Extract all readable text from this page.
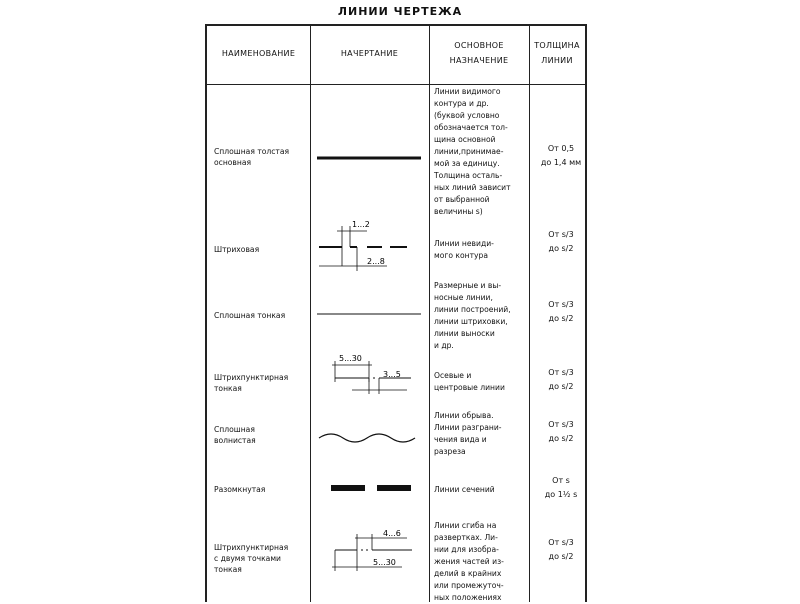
ЛИНИИ ЧЕРТЕЖА
НАИМЕНОВАНИЕ	НАЧЕРТАНИЕ
ОСНОВНОЕ
НАЗНАЧЕНИЕ
ТОЛЩИНА
ЛИНИИ
Сплошная толстая
основная
Линии видимого
контура и др.
(буквой условно
обозначается тол-
щина основной
линии,принимае-
мой за единицу.
Толщина осталь-
ных линий зависит
от выбранной
величины s)
От 0,5
до 1,4 мм
Штриховая
Линии невиди-
мого контура
От s/3
до s/2
Сплошная тонкая
Размерные и вы-
носные линии,
линии построений,
линии штриховки,
линии выноски
и др.
От s/3
до s/2
Штрихпунктирная
тонкая
Осевые и
центровые линии
От s/3
до s/2
Сплошная
волнистая
Линии обрыва.
Линии разграни-
чения вида и
разреза
От s/3
до s/2
Разомкнутая	Линии сечений
От s
до 1½ s
Штрихпунктирная
с двумя точками
тонкая
Линии сгиба на
развертках. Ли-
нии для изобра-
жения частей из-
делий в крайних
или промежуточ-
ных положениях
От s/3
до s/2
1...2
2...8
5...30
3...5
4...6
5...30
